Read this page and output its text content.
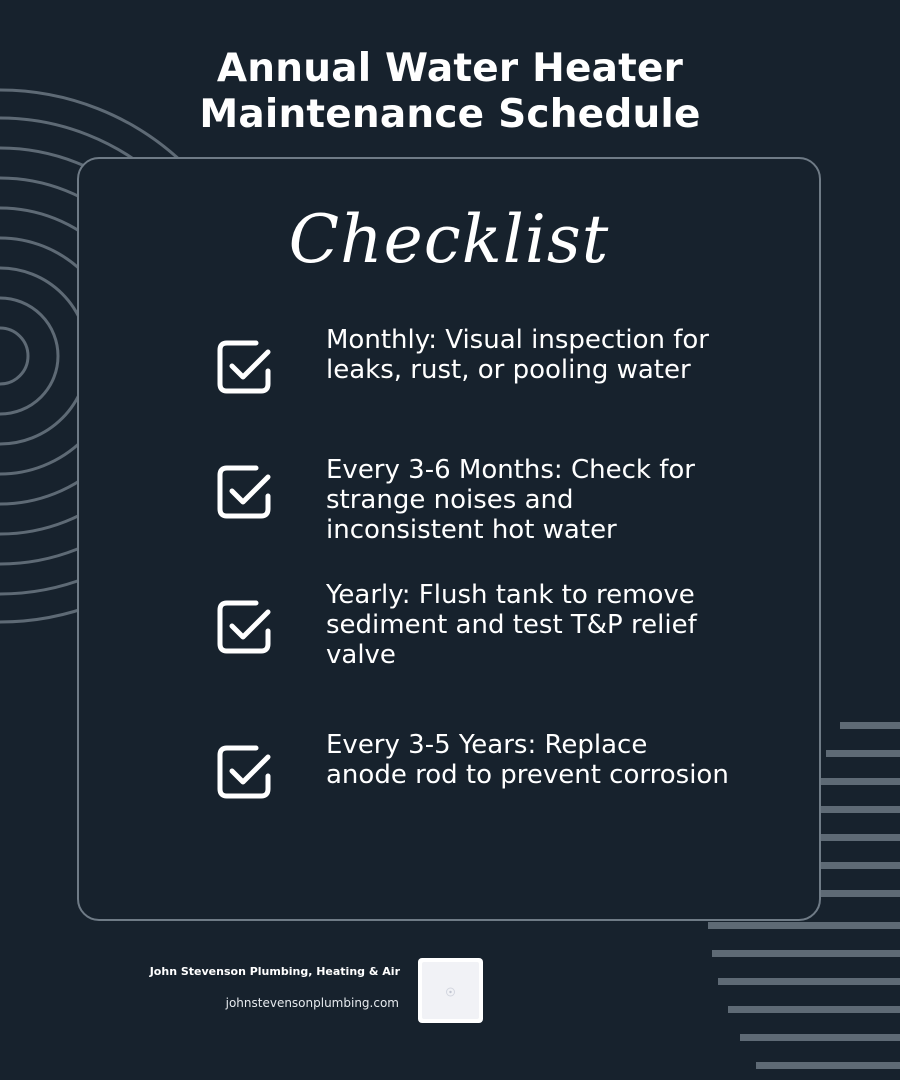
Annual Water Heater
Maintenance Schedule
Checklist
Monthly: Visual inspection for leaks, rust, or pooling water
Every 3-6 Months: Check for strange noises and inconsistent hot water
Yearly: Flush tank to remove sediment and test T&P relief valve
Every 3-5 Years: Replace anode rod to prevent corrosion
John Stevenson Plumbing, Heating & Air
johnstevensonplumbing.com
